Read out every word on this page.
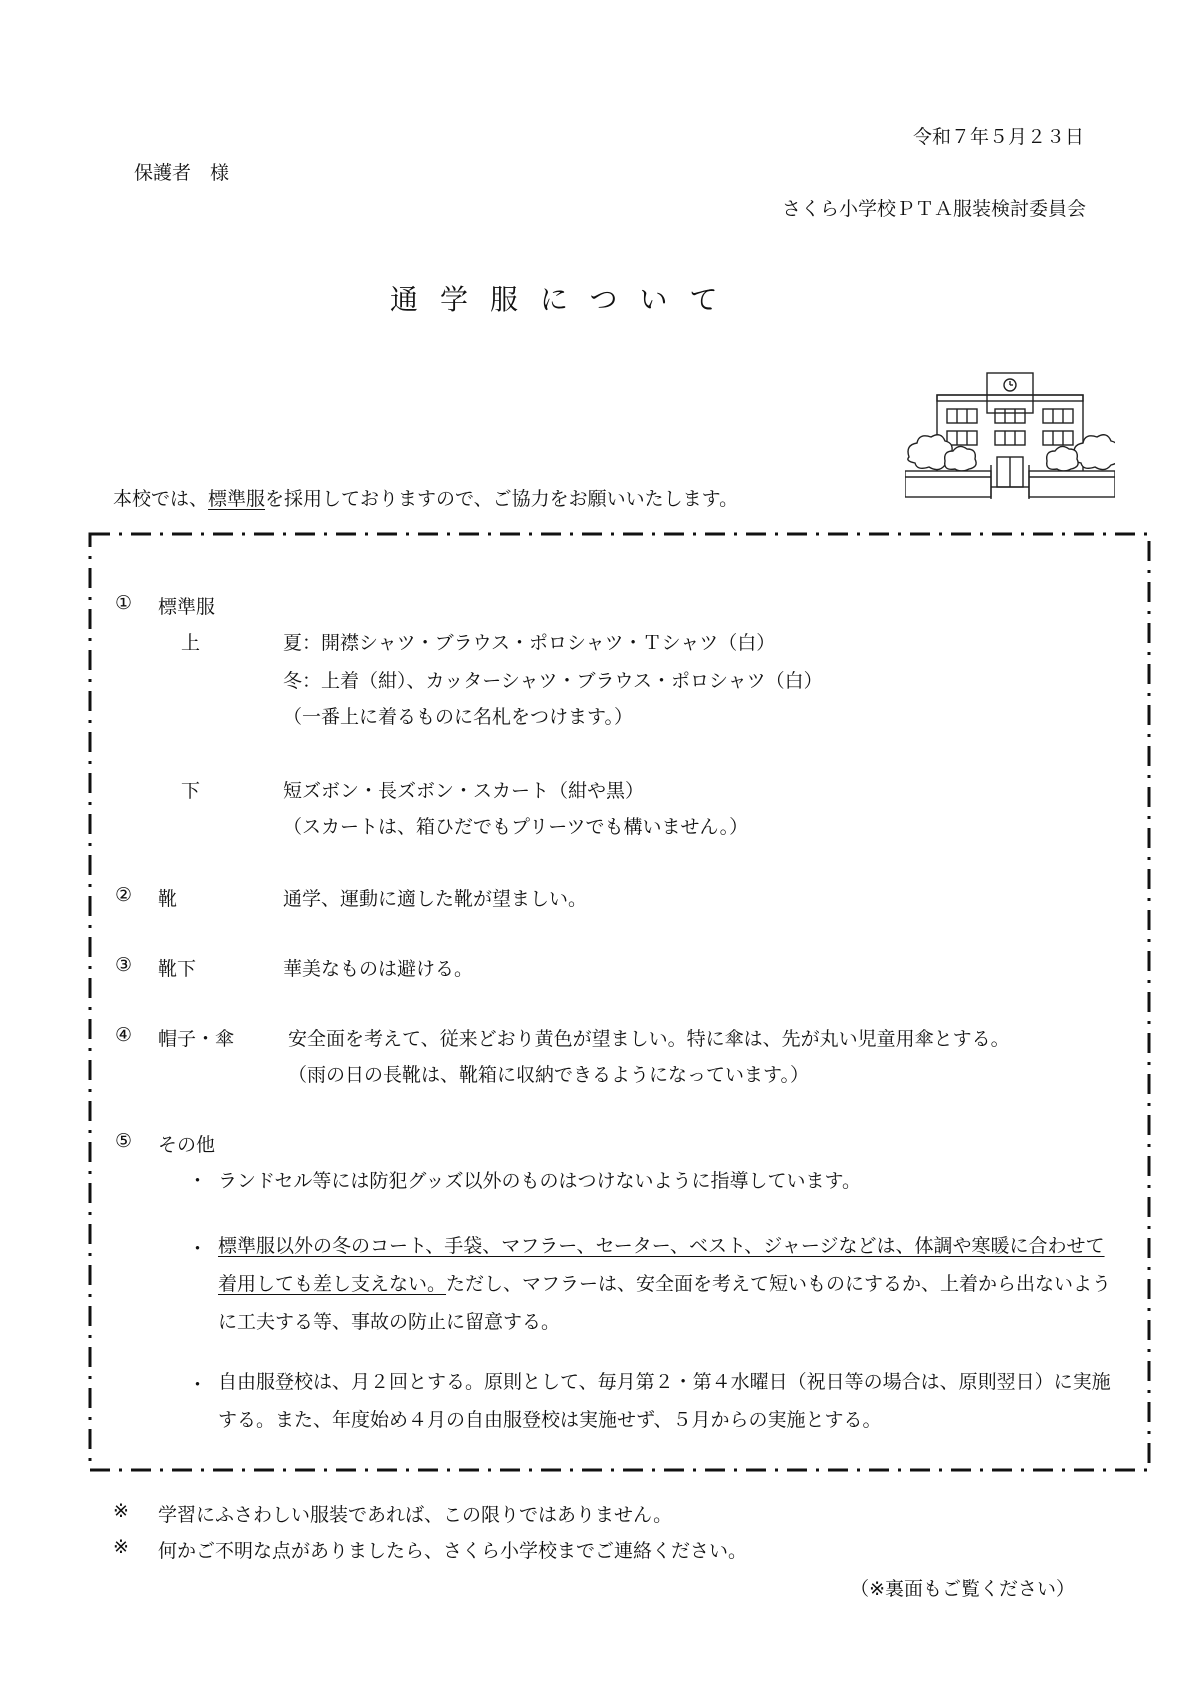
令和７年５月２３日
保護者　様
さくら小学校ＰＴＡ服装検討委員会
通学服について
本校では、標準服を採用しておりますので、ご協力をお願いいたします。
① 標準服
上	夏：開襟シャツ・ブラウス・ポロシャツ・Ｔシャツ（白）
冬：上着（紺）、カッターシャツ・ブラウス・ポロシャツ（白）
（一番上に着るものに名札をつけます。）
下	短ズボン・長ズボン・スカート（紺や黒）
（スカートは、箱ひだでもプリーツでも構いません。）
② 靴	通学、運動に適した靴が望ましい。
③ 靴下	華美なものは避ける。
④ 帽子・傘	安全面を考えて、従来どおり黄色が望ましい。特に傘は、先が丸い児童用傘とする。
（雨の日の長靴は、靴箱に収納できるようになっています。）
⑤ その他
・ ランドセル等には防犯グッズ以外のものはつけないように指導しています。
・ 標準服以外の冬のコート、手袋、マフラー、セーター、ベスト、ジャージなどは、体調や寒暖に合わせて着用しても差し支えない。ただし、マフラーは、安全面を考えて短いものにするか、上着から出ないように工夫する等、事故の防止に留意する。
・ 自由服登校は、月２回とする。原則として、毎月第２・第４水曜日（祝日等の場合は、原則翌日）に実施する。また、年度始め４月の自由服登校は実施せず、５月からの実施とする。
※ 学習にふさわしい服装であれば、この限りではありません。
※ 何かご不明な点がありましたら、さくら小学校までご連絡ください。
（※裏面もご覧ください）
